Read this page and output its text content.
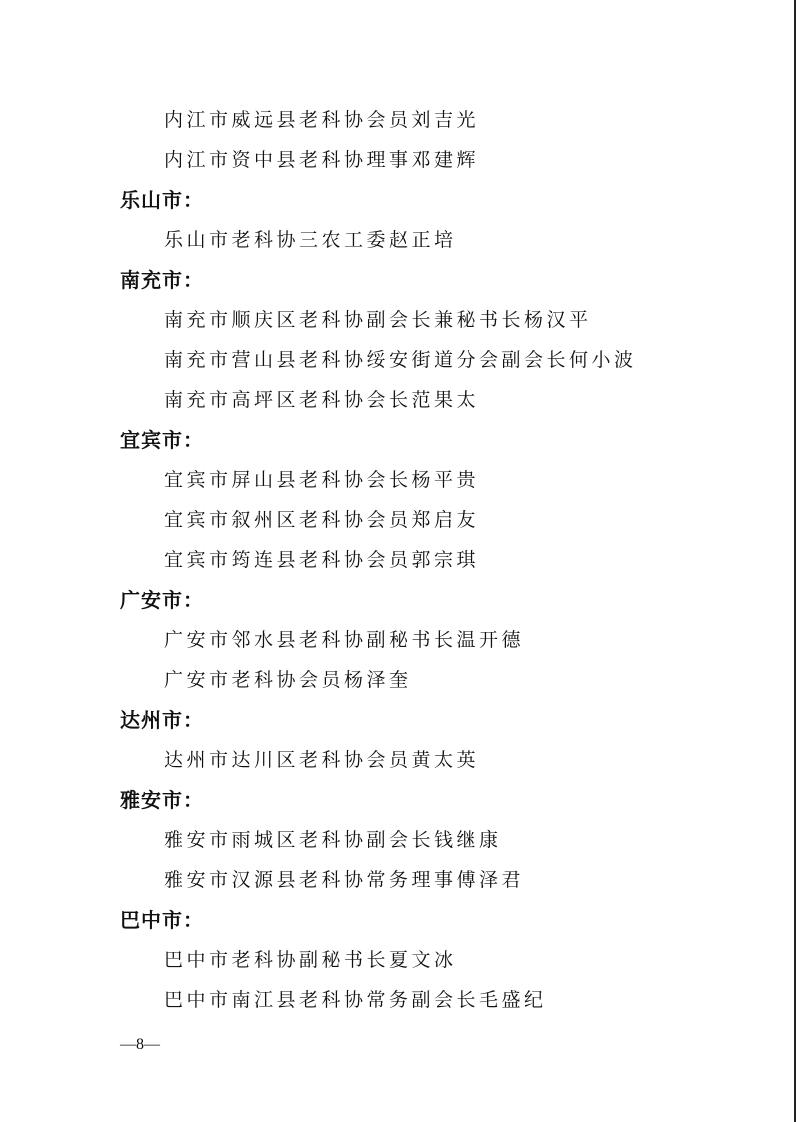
内江市威远县老科协会员刘吉光
内江市资中县老科协理事邓建辉
乐山市：
乐山市老科协三农工委赵正培
南充市：
南充市顺庆区老科协副会长兼秘书长杨汉平
南充市营山县老科协绥安街道分会副会长何小波
南充市高坪区老科协会长范果太
宜宾市：
宜宾市屏山县老科协会长杨平贵
宜宾市叙州区老科协会员郑启友
宜宾市筠连县老科协会员郭宗琪
广安市：
广安市邻水县老科协副秘书长温开德
广安市老科协会员杨泽奎
达州市：
达州市达川区老科协会员黄太英
雅安市：
雅安市雨城区老科协副会长钱继康
雅安市汉源县老科协常务理事傅泽君
巴中市：
巴中市老科协副秘书长夏文冰
巴中市南江县老科协常务副会长毛盛纪
—8—
